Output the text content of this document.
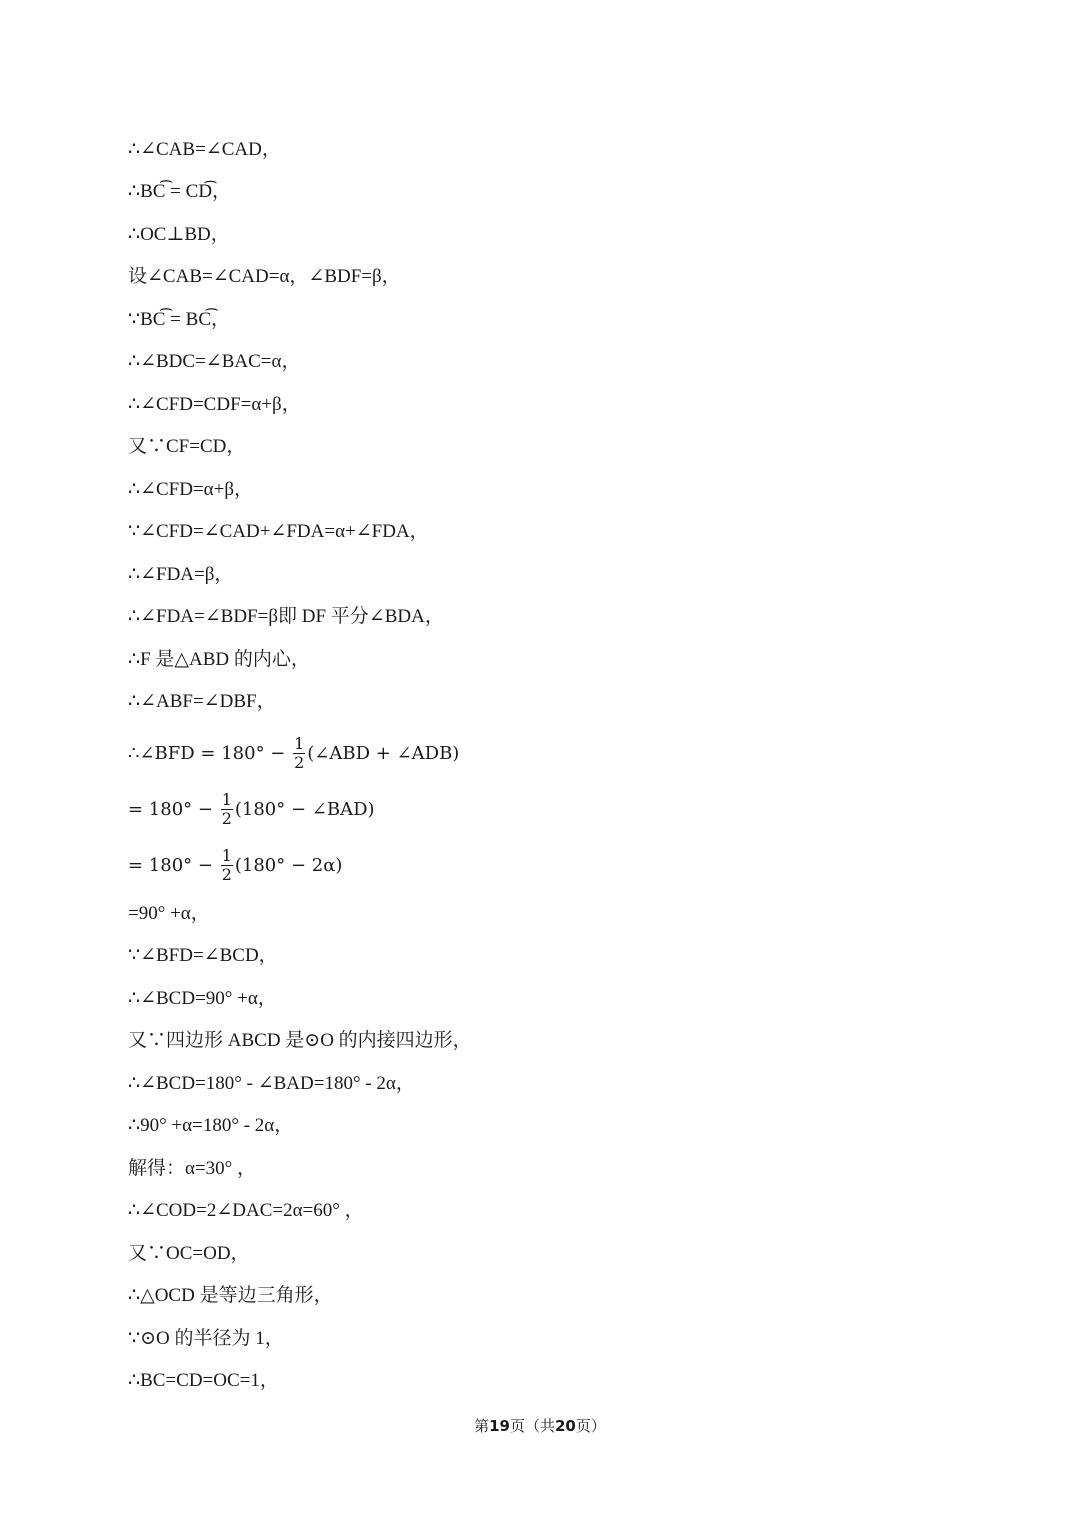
∴∠CAB=∠CAD，
∴BC͡ = CD͡，
∴OC⊥BD，
设∠CAB=∠CAD=α，∠BDF=β，
∵BC͡ = BC͡，
∴∠BDC=∠BAC=α，
∴∠CFD=CDF=α+β，
又∵CF=CD，
∴∠CFD=α+β，
∵∠CFD=∠CAD+∠FDA=α+∠FDA，
∴∠FDA=β，
∴∠FDA=∠BDF=β即 DF 平分∠BDA，
∴F 是△ABD 的内心，
∴∠ABF=∠DBF，
∴∠BFD = $180^\circ - \frac{1}{2}$ (∠ABD + ∠ADB)
= $180^\circ - \frac{1}{2} (180^\circ$ − ∠BAD)
= $180^\circ - \frac{1}{2} (180^\circ - 2\alpha)$
=90° +α，
∵∠BFD=∠BCD，
∴∠BCD=90° +α，
又∵四边形 ABCD 是⊙O 的内接四边形，
∴∠BCD=180° - ∠BAD=180° - 2α，
∴90° +α=180° - 2α，
解得：α=30° ，
∴∠COD=2∠DAC=2α=60° ，
又∵OC=OD，
∴△OCD 是等边三角形，
∵⊙O 的半径为 1，
∴BC=CD=OC=1，
第19页（共20页）
